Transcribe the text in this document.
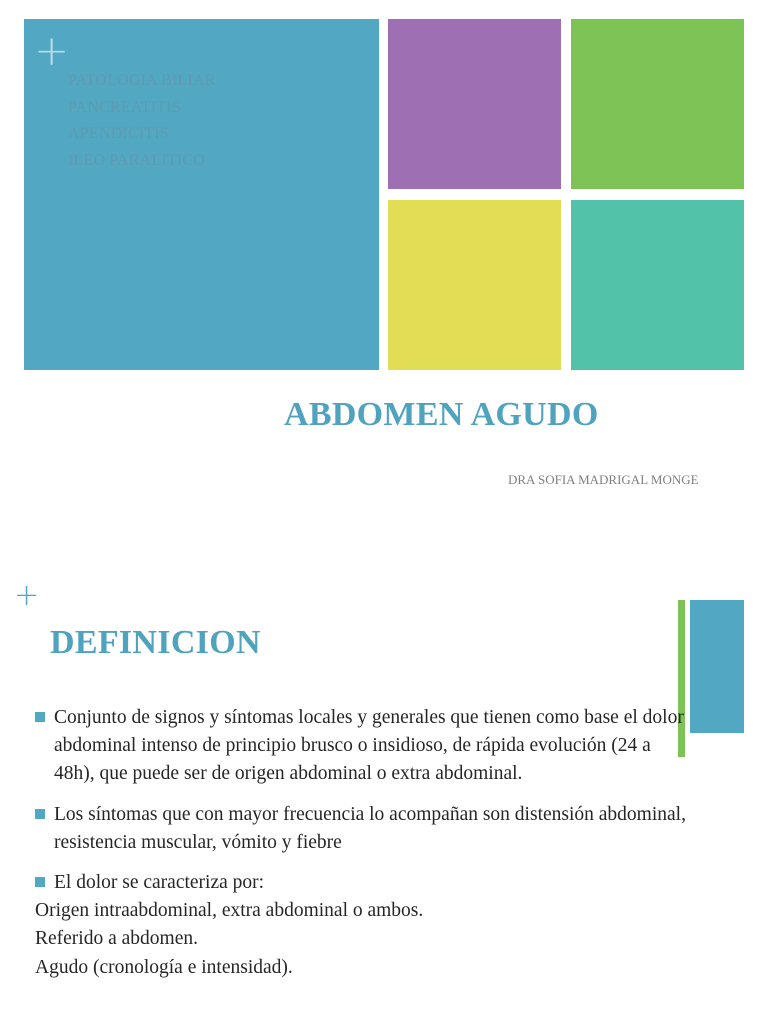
+
PATOLOGIA BILIAR
PANCREATITIS
APENDICITIS
ILEO PARALITICO
ABDOMEN AGUDO
DRA SOFIA MADRIGAL MONGE
+
DEFINICION
Conjunto de signos y síntomas locales y generales que tienen como base el dolor abdominal intenso de principio brusco o insidioso, de rápida evolución (24 a 48h), que puede ser de origen abdominal o extra abdominal.
Los síntomas que con mayor frecuencia lo acompañan son distensión abdominal, resistencia muscular, vómito y fiebre
El dolor se caracteriza por:
Origen intraabdominal, extra abdominal o ambos.
Referido a abdomen.
Agudo (cronología e intensidad).
